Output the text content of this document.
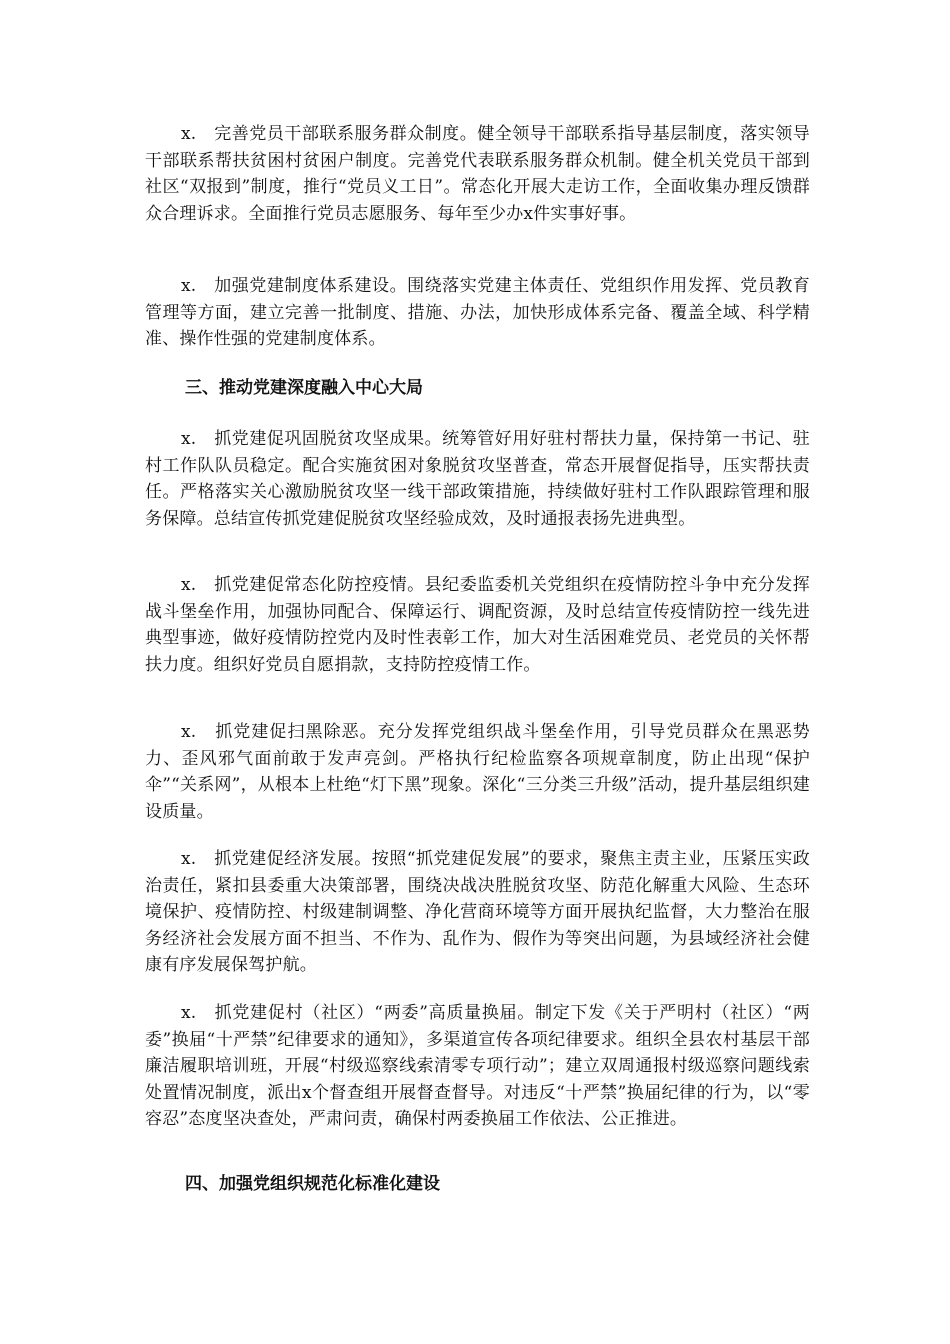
x.　完善党员干部联系服务群众制度。健全领导干部联系指导基层制度，落实领导干部联系帮扶贫困村贫困户制度。完善党代表联系服务群众机制。健全机关党员干部到社区“双报到”制度，推行“党员义工日”。常态化开展大走访工作，全面收集办理反馈群众合理诉求。全面推行党员志愿服务、每年至少办x件实事好事。

x.　加强党建制度体系建设。围绕落实党建主体责任、党组织作用发挥、党员教育管理等方面，建立完善一批制度、措施、办法，加快形成体系完备、覆盖全域、科学精准、操作性强的党建制度体系。

三、推动党建深度融入中心大局

x.　抓党建促巩固脱贫攻坚成果。统筹管好用好驻村帮扶力量，保持第一书记、驻村工作队队员稳定。配合实施贫困对象脱贫攻坚普查，常态开展督促指导，压实帮扶责任。严格落实关心激励脱贫攻坚一线干部政策措施，持续做好驻村工作队跟踪管理和服务保障。总结宣传抓党建促脱贫攻坚经验成效，及时通报表扬先进典型。

x.　抓党建促常态化防控疫情。县纪委监委机关党组织在疫情防控斗争中充分发挥战斗堡垒作用，加强协同配合、保障运行、调配资源，及时总结宣传疫情防控一线先进典型事迹，做好疫情防控党内及时性表彰工作，加大对生活困难党员、老党员的关怀帮扶力度。组织好党员自愿捐款，支持防控疫情工作。

x.　抓党建促扫黑除恶。充分发挥党组织战斗堡垒作用，引导党员群众在黑恶势力、歪风邪气面前敢于发声亮剑。严格执行纪检监察各项规章制度，防止出现“保护伞”“关系网”，从根本上杜绝“灯下黑”现象。深化“三分类三升级”活动，提升基层组织建设质量。

x.　抓党建促经济发展。按照“抓党建促发展”的要求，聚焦主责主业，压紧压实政治责任，紧扣县委重大决策部署，围绕决战决胜脱贫攻坚、防范化解重大风险、生态环境保护、疫情防控、村级建制调整、净化营商环境等方面开展执纪监督，大力整治在服务经济社会发展方面不担当、不作为、乱作为、假作为等突出问题，为县域经济社会健康有序发展保驾护航。

x.　抓党建促村（社区）“两委”高质量换届。制定下发《关于严明村（社区）“两委”换届“十严禁”纪律要求的通知》，多渠道宣传各项纪律要求。组织全县农村基层干部廉洁履职培训班，开展“村级巡察线索清零专项行动”；建立双周通报村级巡察问题线索处置情况制度，派出x个督查组开展督查督导。对违反“十严禁”换届纪律的行为，以“零容忍”态度坚决查处，严肃问责，确保村两委换届工作依法、公正推进。

四、加强党组织规范化标准化建设
